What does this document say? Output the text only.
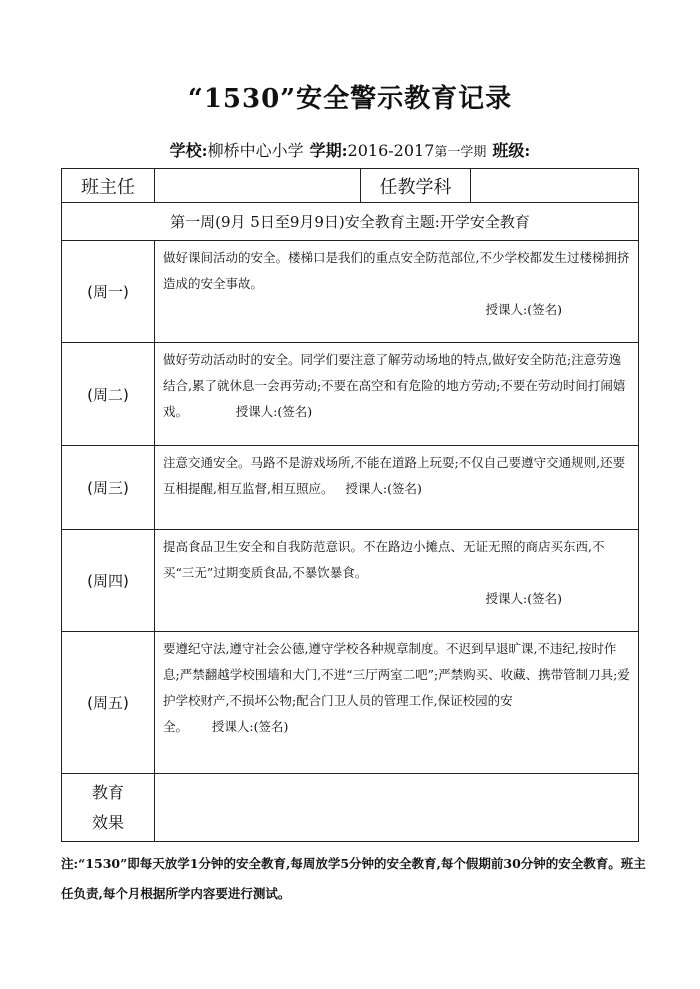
“1530”安全警示教育记录
学校:柳桥中心小学 学期:2016-2017第一学期 班级:
班主任		任教学科	
第一周(9月 5日至9月9日)安全教育主题:开学安全教育			
(周一)	做好课间活动的安全。楼梯口是我们的重点安全防范部位,不少学校都发生过楼梯拥挤造成的安全事故。
授课人:(签名)		

(周二)	做好劳动活动时的安全。同学们要注意了解劳动场地的特点,做好安全防范;注意劳逸结合,累了就休息一会再劳动;不要在高空和有危险的地方劳动;不要在劳动时间打闹嬉戏。 授课人:(签名)		
(周三)	注意交通安全。马路不是游戏场所,不能在道路上玩耍;不仅自己要遵守交通规则,还要互相提醒,相互监督,相互照应。 授课人:(签名)		
(周四)	提高食品卫生安全和自我防范意识。不在路边小摊点、无证无照的商店买东西,不买“三无”过期变质食品,不暴饮暴食。
授课人:(签名)		

(周五)	要遵纪守法,遵守社会公德,遵守学校各种规章制度。不迟到早退旷课,不违纪,按时作息;严禁翻越学校围墙和大门,不进“三厅两室二吧”;严禁购买、收藏、携带管制刀具;爱护学校财产,不损坏公物;配合门卫人员的管理工作,保证校园的安全。 授课人:(签名)		

教育
效果			

注:“1530”即每天放学1分钟的安全教育,每周放学5分钟的安全教育,每个假期前30分钟的安全教育。班主任负责,每个月根据所学内容要进行测试。
